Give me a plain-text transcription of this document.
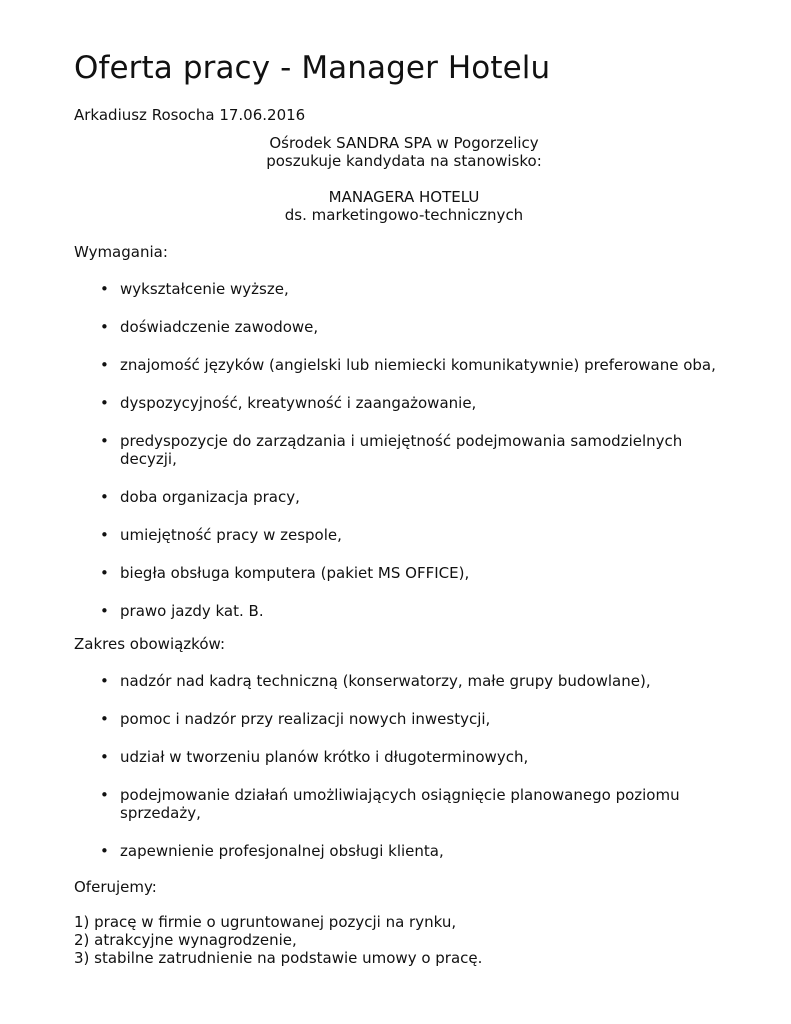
Oferta pracy - Manager Hotelu
Arkadiusz Rosocha 17.06.2016
Ośrodek SANDRA SPA w Pogorzelicy
poszukuje kandydata na stanowisko:
MANAGERA HOTELU
ds. marketingowo-technicznych
Wymagania:
• wykształcenie wyższe,
• doświadczenie zawodowe,
• znajomość języków (angielski lub niemiecki komunikatywnie) preferowane oba,
• dyspozycyjność, kreatywność i zaangażowanie,
• predyspozycje do zarządzania i umiejętność podejmowania samodzielnych decyzji,
• doba organizacja pracy,
• umiejętność pracy w zespole,
• biegła obsługa komputera (pakiet MS OFFICE),
• prawo jazdy kat. B.
Zakres obowiązków:
• nadzór nad kadrą techniczną (konserwatorzy, małe grupy budowlane),
• pomoc i nadzór przy realizacji nowych inwestycji,
• udział w tworzeniu planów krótko i długoterminowych,
• podejmowanie działań umożliwiających osiągnięcie planowanego poziomu sprzedaży,
• zapewnienie profesjonalnej obsługi klienta,
Oferujemy:
1) pracę w firmie o ugruntowanej pozycji na rynku,
2) atrakcyjne wynagrodzenie,
3) stabilne zatrudnienie na podstawie umowy o pracę.
